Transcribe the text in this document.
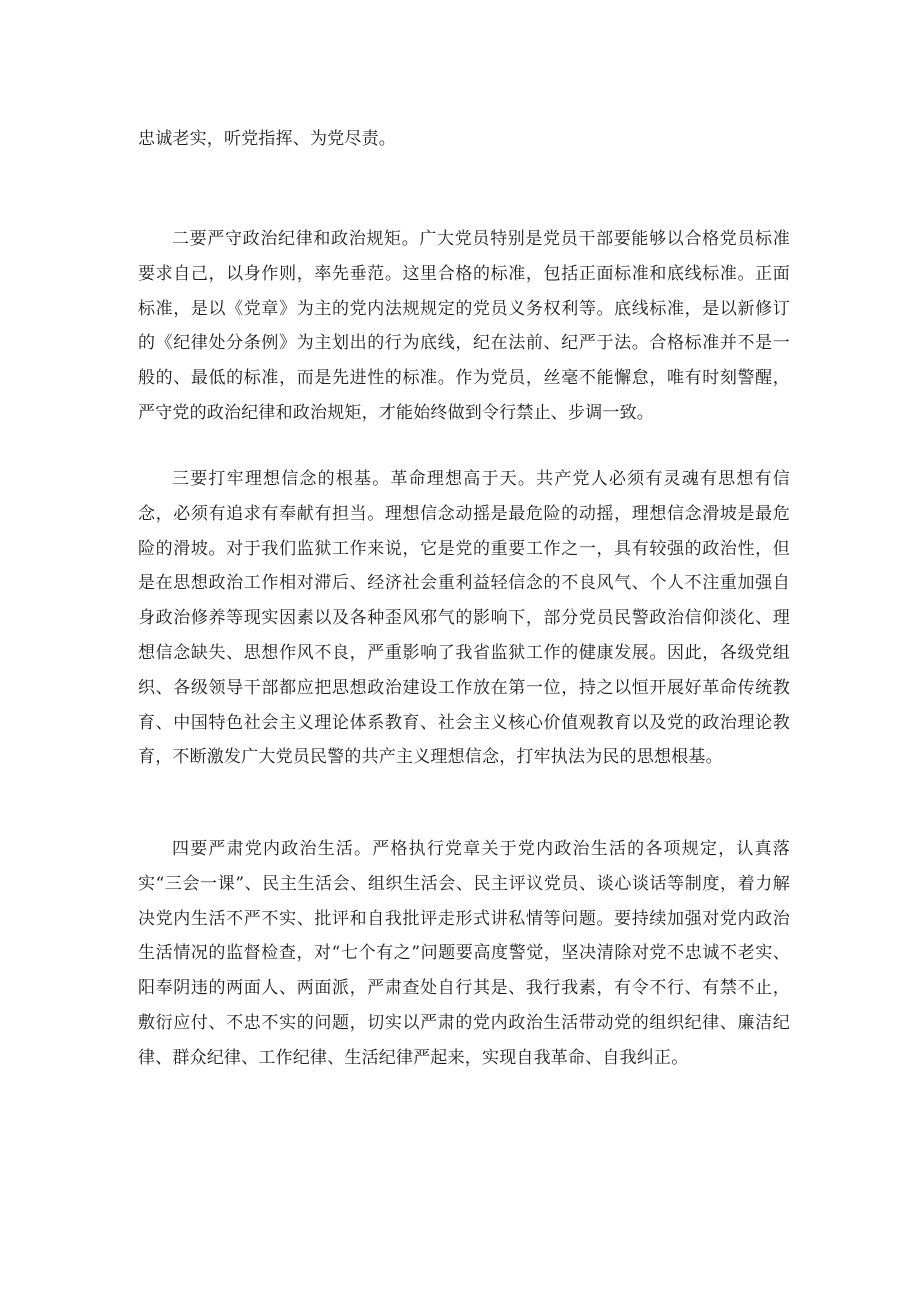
忠诚老实，听党指挥、为党尽责。

二要严守政治纪律和政治规矩。广大党员特别是党员干部要能够以合格党员标准要求自己，以身作则，率先垂范。这里合格的标准，包括正面标准和底线标准。正面标准，是以《党章》为主的党内法规规定的党员义务权利等。底线标准，是以新修订的《纪律处分条例》为主划出的行为底线，纪在法前、纪严于法。合格标准并不是一般的、最低的标准，而是先进性的标准。作为党员，丝毫不能懈怠，唯有时刻警醒，严守党的政治纪律和政治规矩，才能始终做到令行禁止、步调一致。

三要打牢理想信念的根基。革命理想高于天。共产党人必须有灵魂有思想有信念，必须有追求有奉献有担当。理想信念动摇是最危险的动摇，理想信念滑坡是最危险的滑坡。对于我们监狱工作来说，它是党的重要工作之一，具有较强的政治性，但是在思想政治工作相对滞后、经济社会重利益轻信念的不良风气、个人不注重加强自身政治修养等现实因素以及各种歪风邪气的影响下，部分党员民警政治信仰淡化、理想信念缺失、思想作风不良，严重影响了我省监狱工作的健康发展。因此，各级党组织、各级领导干部都应把思想政治建设工作放在第一位，持之以恒开展好革命传统教育、中国特色社会主义理论体系教育、社会主义核心价值观教育以及党的政治理论教育，不断激发广大党员民警的共产主义理想信念，打牢执法为民的思想根基。

四要严肃党内政治生活。严格执行党章关于党内政治生活的各项规定，认真落实“三会一课”、民主生活会、组织生活会、民主评议党员、谈心谈话等制度，着力解决党内生活不严不实、批评和自我批评走形式讲私情等问题。要持续加强对党内政治生活情况的监督检查，对“七个有之”问题要高度警觉，坚决清除对党不忠诚不老实、阳奉阴违的两面人、两面派，严肃查处自行其是、我行我素，有令不行、有禁不止，敷衍应付、不忠不实的问题，切实以严肃的党内政治生活带动党的组织纪律、廉洁纪律、群众纪律、工作纪律、生活纪律严起来，实现自我革命、自我纠正。
